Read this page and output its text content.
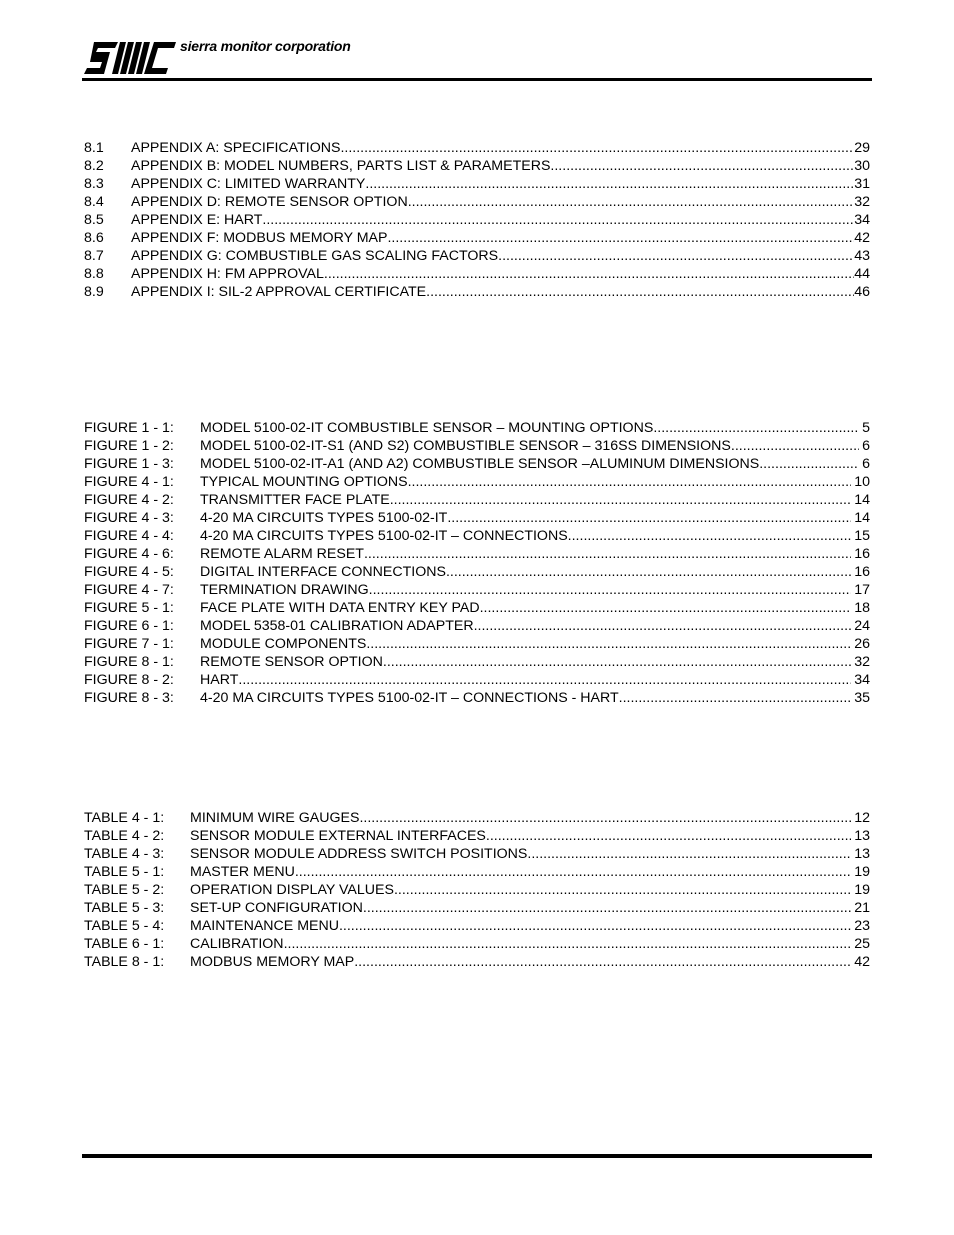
sierra monitor corporation
8.1	APPENDIX A: SPECIFICATIONS .....	29
8.2	APPENDIX B: MODEL NUMBERS, PARTS LIST & PARAMETERS .....	30
8.3	APPENDIX C: LIMITED WARRANTY .....	31
8.4	APPENDIX D: REMOTE SENSOR OPTION .....	32
8.5	APPENDIX E: HART .....	34
8.6	APPENDIX F: MODBUS MEMORY MAP .....	42
8.7	APPENDIX G: COMBUSTIBLE GAS SCALING FACTORS .....	43
8.8	APPENDIX H: FM APPROVAL .....	44
8.9	APPENDIX I: SIL-2 APPROVAL CERTIFICATE .....	46
FIGURE 1 - 1:	MODEL 5100-02-IT COMBUSTIBLE SENSOR – MOUNTING OPTIONS .....	5
FIGURE 1 - 2:	MODEL 5100-02-IT-S1 (AND S2) COMBUSTIBLE SENSOR – 316SS DIMENSIONS .....	6
FIGURE 1 - 3:	MODEL 5100-02-IT-A1 (AND A2) COMBUSTIBLE SENSOR –ALUMINUM DIMENSIONS .....	6
FIGURE 4 - 1:	TYPICAL MOUNTING OPTIONS .....	10
FIGURE 4 - 2:	TRANSMITTER FACE PLATE .....	14
FIGURE 4 - 3:	4-20 MA CIRCUITS TYPES 5100-02-IT .....	14
FIGURE 4 - 4:	4-20 MA CIRCUITS TYPES 5100-02-IT – CONNECTIONS .....	15
FIGURE 4 - 6:	REMOTE ALARM RESET .....	16
FIGURE 4 - 5:	DIGITAL INTERFACE CONNECTIONS .....	16
FIGURE 4 - 7:	TERMINATION DRAWING .....	17
FIGURE 5 - 1:	FACE PLATE WITH DATA ENTRY KEY PAD .....	18
FIGURE 6 - 1:	MODEL 5358-01 CALIBRATION ADAPTER .....	24
FIGURE 7 - 1:	MODULE COMPONENTS .....	26
FIGURE 8 - 1:	REMOTE SENSOR OPTION .....	32
FIGURE 8 - 2:	HART .....	34
FIGURE 8 - 3:	4-20 MA CIRCUITS TYPES 5100-02-IT – CONNECTIONS - HART .....	35
TABLE 4 - 1:	MINIMUM WIRE GAUGES .....	12
TABLE 4 - 2:	SENSOR MODULE EXTERNAL INTERFACES .....	13
TABLE 4 - 3:	SENSOR MODULE ADDRESS SWITCH POSITIONS .....	13
TABLE 5 - 1:	MASTER MENU .....	19
TABLE 5 - 2:	OPERATION DISPLAY VALUES .....	19
TABLE 5 - 3:	SET-UP CONFIGURATION .....	21
TABLE 5 - 4:	MAINTENANCE MENU .....	23
TABLE 6 - 1:	CALIBRATION .....	25
TABLE 8 - 1:	MODBUS MEMORY MAP .....	42
